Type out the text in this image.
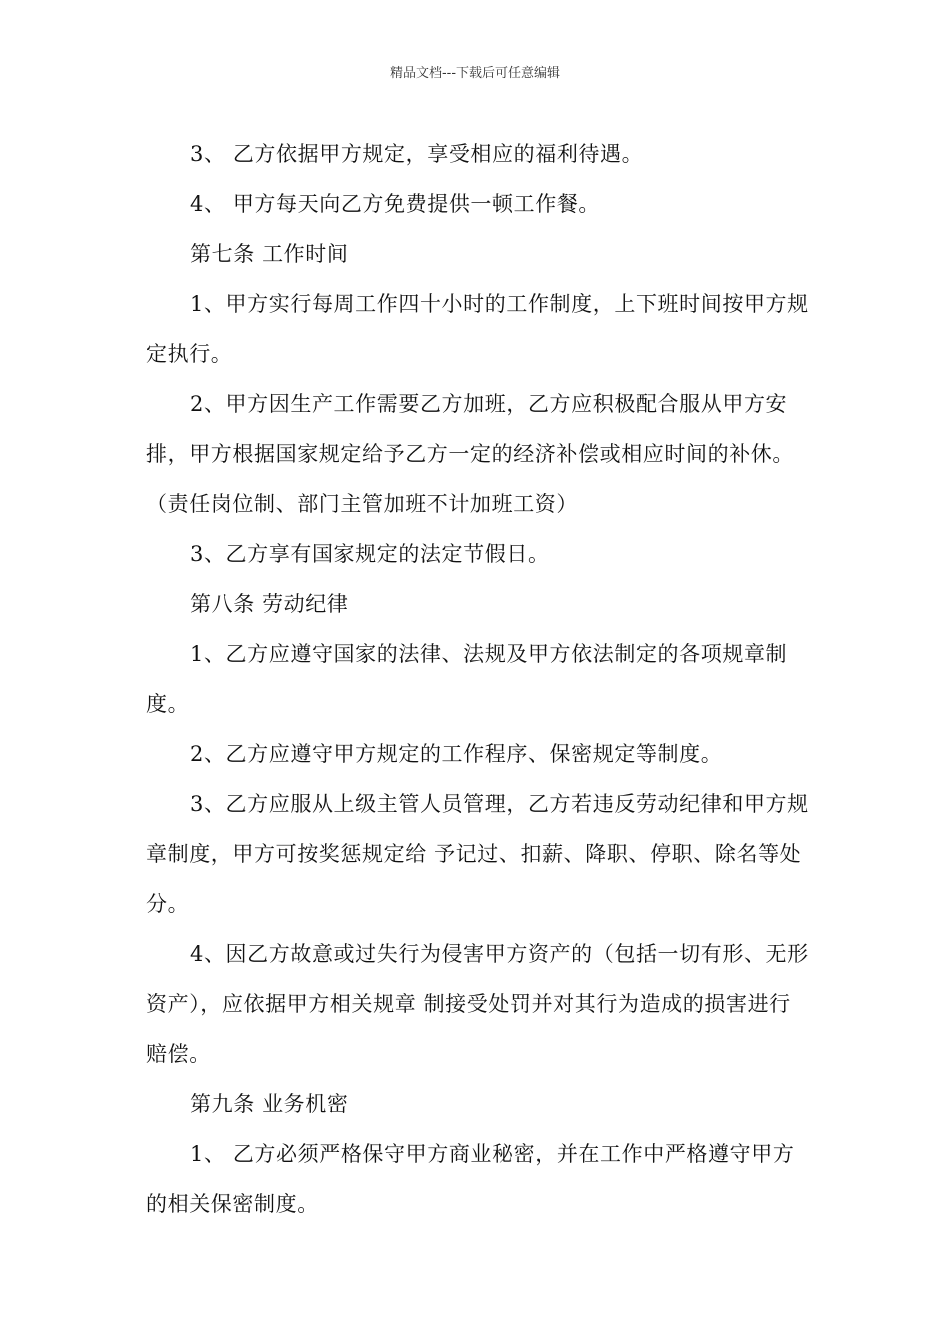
精品文档---下载后可任意编辑

3、 乙方依据甲方规定，享受相应的福利待遇。

4、 甲方每天向乙方免费提供一顿工作餐。

第七条 工作时间

1、甲方实行每周工作四十小时的工作制度，上下班时间按甲方规定执行。

2、甲方因生产工作需要乙方加班，乙方应积极配合服从甲方安排，甲方根据国家规定给予乙方一定的经济补偿或相应时间的补休。（责任岗位制、部门主管加班不计加班工资）

3、乙方享有国家规定的法定节假日。

第八条 劳动纪律

1、乙方应遵守国家的法律、法规及甲方依法制定的各项规章制度。

2、乙方应遵守甲方规定的工作程序、保密规定等制度。

3、乙方应服从上级主管人员管理，乙方若违反劳动纪律和甲方规章制度，甲方可按奖惩规定给 予记过、扣薪、降职、停职、除名等处分。

4、因乙方故意或过失行为侵害甲方资产的（包括一切有形、无形资产），应依据甲方相关规章 制接受处罚并对其行为造成的损害进行赔偿。

第九条 业务机密

1、 乙方必须严格保守甲方商业秘密，并在工作中严格遵守甲方的相关保密制度。
